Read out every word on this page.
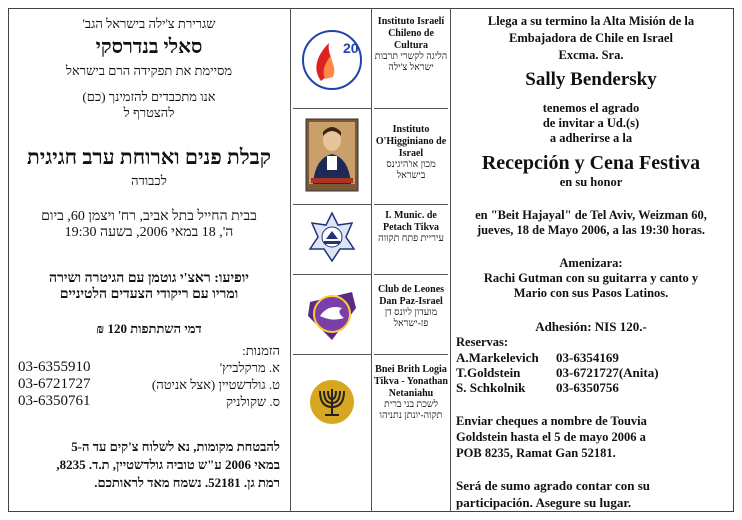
שגרירת צ'ילה בישראל הגב'
סאלי בנדרסקי
מסיימת את תפקידה הרם בישראל
אנו מתכבדים להזמינך (כם)
להצטרף ל
קבלת פנים וארוחת ערב חגיגית
לכבודה
בבית החייל בתל אביב, רח' ויצמן 60, ביום
ה', 18 במאי 2006, בשעה 19:30
יופיעו: ראצ'י גוטמן עם הגיטרה ושירה
ומריו עם ריקודי הצעדים הלטיניים
דמי השתתפות 120 ₪
הזמנות:
א. מרקלביץ'
03-6355910
ט. גולדשטיין (אצל אניטה)
03-6721727
ס. שקולניק
03-6350761
להבטחת מקומות, נא לשלוח צ'קים עד ה-5
במאי 2006 ע"ש טוביה גולדשטיין, ת.ד. 8235,
רמת גן. 52181. נשמח מאד לראותכם.
20
Instituto Israelí Chileno de Cultura
הליגה לקשרי תרבות ישראל צ'ילה
Instituto O'Higginiano de Israel
מכון או'היגינס בישראל
I. Munic. de Petach Tikva
עיריית פתח תקווה
Club de Leones Dan Paz-Israel
מועדון ליונס דן פז-ישראל
Bnei Brith Logia Tikva - Yonathan Netaniahu
לשכת בני ברית תקוה-יונתן נתניהו
Llega a su termino la Alta Misión de la
Embajadora de Chile en Israel
Excma. Sra.
Sally Bendersky
tenemos el agrado
de invitar a Ud.(s)
a adherirse a la
Recepción y Cena Festiva
en su honor
en "Beit Hajayal" de Tel Aviv, Weizman 60,
jueves, 18 de Mayo 2006, a las 19:30 horas.
Amenizara:
Rachi Gutman con su guitarra y canto y
Mario con sus Pasos Latinos.
Adhesión: NIS 120.-
Reservas:
A.Markelevich	03-6354169
T.Goldstein	03-6721727(Anita)
S. Schkolnik	03-6350756
Enviar cheques a nombre de Touvia
Goldstein hasta el 5 de mayo 2006 a
POB 8235, Ramat Gan 52181.
Será de sumo agrado contar con su
participación. Asegure su lugar.
